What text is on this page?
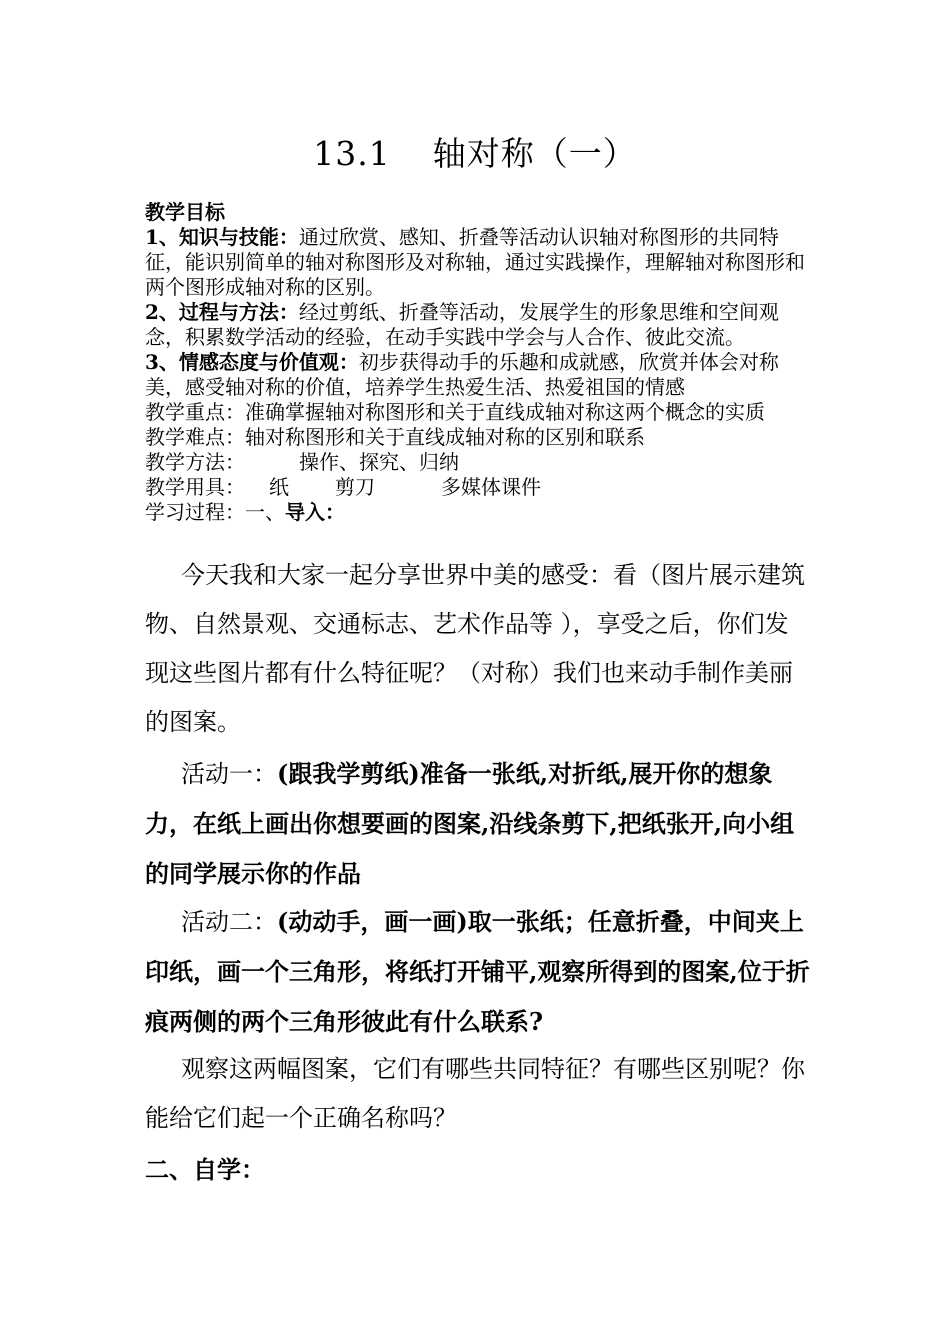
13.1 轴对称（一）
教学目标
1、知识与技能：通过欣赏、感知、折叠等活动认识轴对称图形的共同特征，能识别简单的轴对称图形及对称轴，通过实践操作，理解轴对称图形和两个图形成轴对称的区别。
2、过程与方法：经过剪纸、折叠等活动，发展学生的形象思维和空间观念，积累数学活动的经验，在动手实践中学会与人合作、彼此交流。
3、情感态度与价值观：初步获得动手的乐趣和成就感，欣赏并体会对称美，感受轴对称的价值，培养学生热爱生活、热爱祖国的情感
教学重点：准确掌握轴对称图形和关于直线成轴对称这两个概念的实质
教学难点：轴对称图形和关于直线成轴对称的区别和联系
教学方法：	操作、探究、归纳
教学用具： 纸 剪刀	多媒体课件
学习过程：一、导入：
今天我和大家一起分享世界中美的感受：看（图片展示建筑物、自然景观、交通标志、艺术作品等 ），享受之后，你们发现这些图片都有什么特征呢？（对称）我们也来动手制作美丽的图案。
活动一：(跟我学剪纸)准备一张纸,对折纸,展开你的想象力，在纸上画出你想要画的图案,沿线条剪下,把纸张开,向小组的同学展示你的作品
活动二：(动动手，画一画)取一张纸；任意折叠，中间夹上印纸，画一个三角形，将纸打开铺平,观察所得到的图案,位于折痕两侧的两个三角形彼此有什么联系?
观察这两幅图案，它们有哪些共同特征？有哪些区别呢？你能给它们起一个正确名称吗？
二、自学：
